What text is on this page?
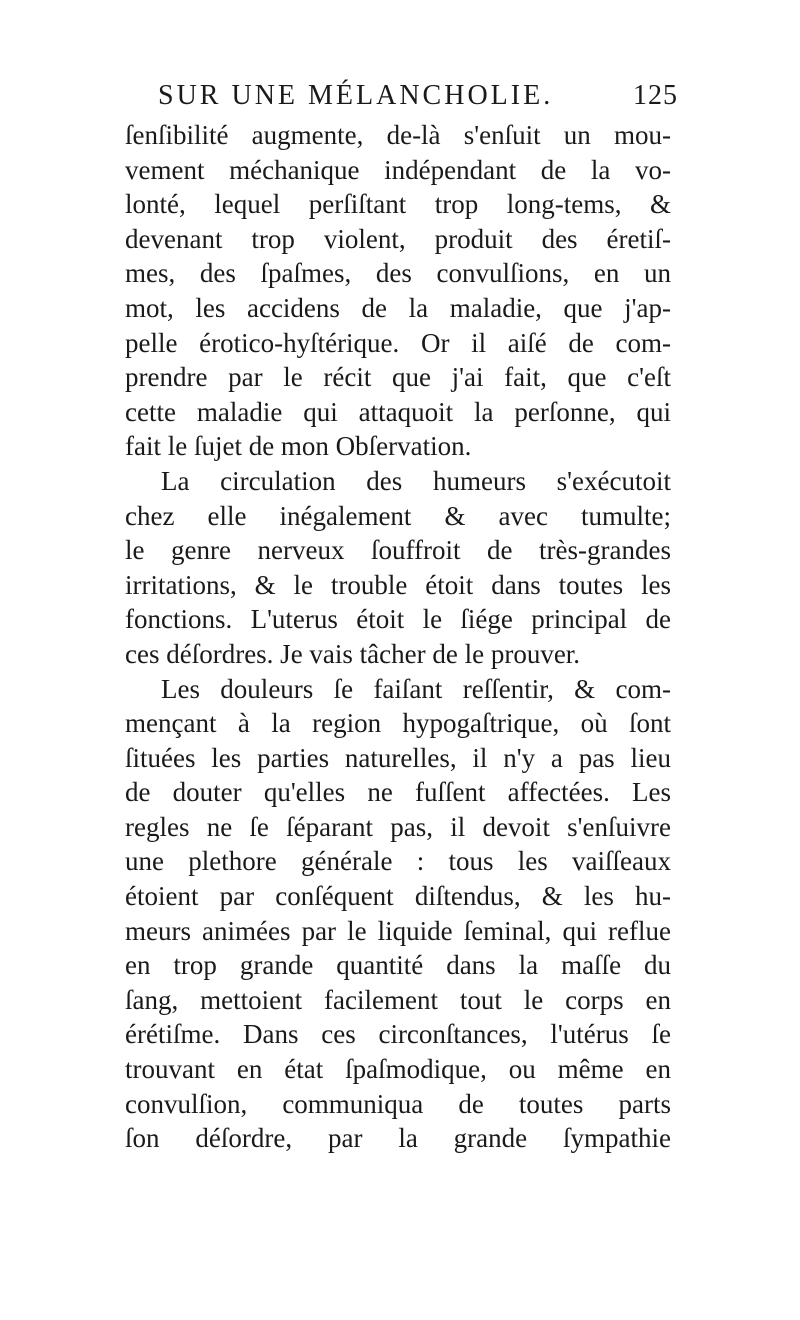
SUR UNE MÉLANCHOLIE.	125
ſenſibilité augmente, de-là s'enſuit un mou-
vement méchanique indépendant de la vo-
lonté, lequel perſiſtant trop long-tems, &
devenant trop violent, produit des éretiſ-
mes, des ſpaſmes, des convulſions, en un
mot, les accidens de la maladie, que j'ap-
pelle érotico-hyſtérique. Or il aiſé de com-
prendre par le récit que j'ai fait, que c'eſt
cette maladie qui attaquoit la perſonne, qui
fait le ſujet de mon Obſervation.
La circulation des humeurs s'exécutoit
chez elle inégalement & avec tumulte;
le genre nerveux ſouffroit de très-grandes
irritations, & le trouble étoit dans toutes les
fonctions. L'uterus étoit le ſiége principal de
ces déſordres. Je vais tâcher de le prouver.
Les douleurs ſe faiſant reſſentir, & com-
mençant à la region hypogaſtrique, où ſont
ſituées les parties naturelles, il n'y a pas lieu
de douter qu'elles ne fuſſent affectées. Les
regles ne ſe ſéparant pas, il devoit s'enſuivre
une plethore générale : tous les vaiſſeaux
étoient par conſéquent diſtendus, & les hu-
meurs animées par le liquide ſeminal, qui reflue
en trop grande quantité dans la maſſe du
ſang, mettoient facilement tout le corps en
érétiſme. Dans ces circonſtances, l'utérus ſe
trouvant en état ſpaſmodique, ou même en
convulſion, communiqua de toutes parts
ſon déſordre, par la grande ſympathie
